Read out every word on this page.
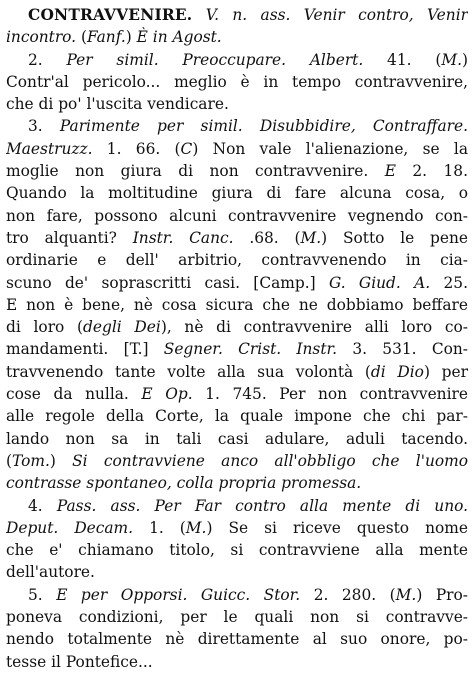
CONTRAVVENIRE. V. n. ass. Venir contro, Venir
incontro. (Fanf.) È in Agost.
2. Per simil. Preoccupare. Albert. 41. (M.)
Contr'al pericolo... meglio è in tempo contravvenire,
che di po' l'uscita vendicare.
3. Parimente per simil. Disubbidire, Contraffare.
Maestruzz. 1. 66. (C) Non vale l'alienazione, se la
moglie non giura di non contravvenire. E 2. 18.
Quando la moltitudine giura di fare alcuna cosa, o
non fare, possono alcuni contravvenire vegnendo con-
tro alquanti? Instr. Canc. .68. (M.) Sotto le pene
ordinarie e dell' arbitrio, contravvenendo in cia-
scuno de' soprascritti casi. [Camp.] G. Giud. A. 25.
E non è bene, nè cosa sicura che ne dobbiamo beffare
di loro (degli Dei), nè di contravvenire alli loro co-
mandamenti. [T.] Segner. Crist. Instr. 3. 531. Con-
travvenendo tante volte alla sua volontà (di Dio) per
cose da nulla. E Op. 1. 745. Per non contravvenire
alle regole della Corte, la quale impone che chi par-
lando non sa in tali casi adulare, aduli tacendo.
(Tom.) Si contravviene anco all'obbligo che l'uomo
contrasse spontaneo, colla propria promessa.
4. Pass. ass. Per Far contro alla mente di uno.
Deput. Decam. 1. (M.) Se si riceve questo nome
che e' chiamano titolo, si contravviene alla mente
dell'autore.
5. E per Opporsi. Guicc. Stor. 2. 280. (M.) Pro-
poneva condizioni, per le quali non si contravve-
nendo totalmente nè direttamente al suo onore, po-
tesse il Pontefice...
